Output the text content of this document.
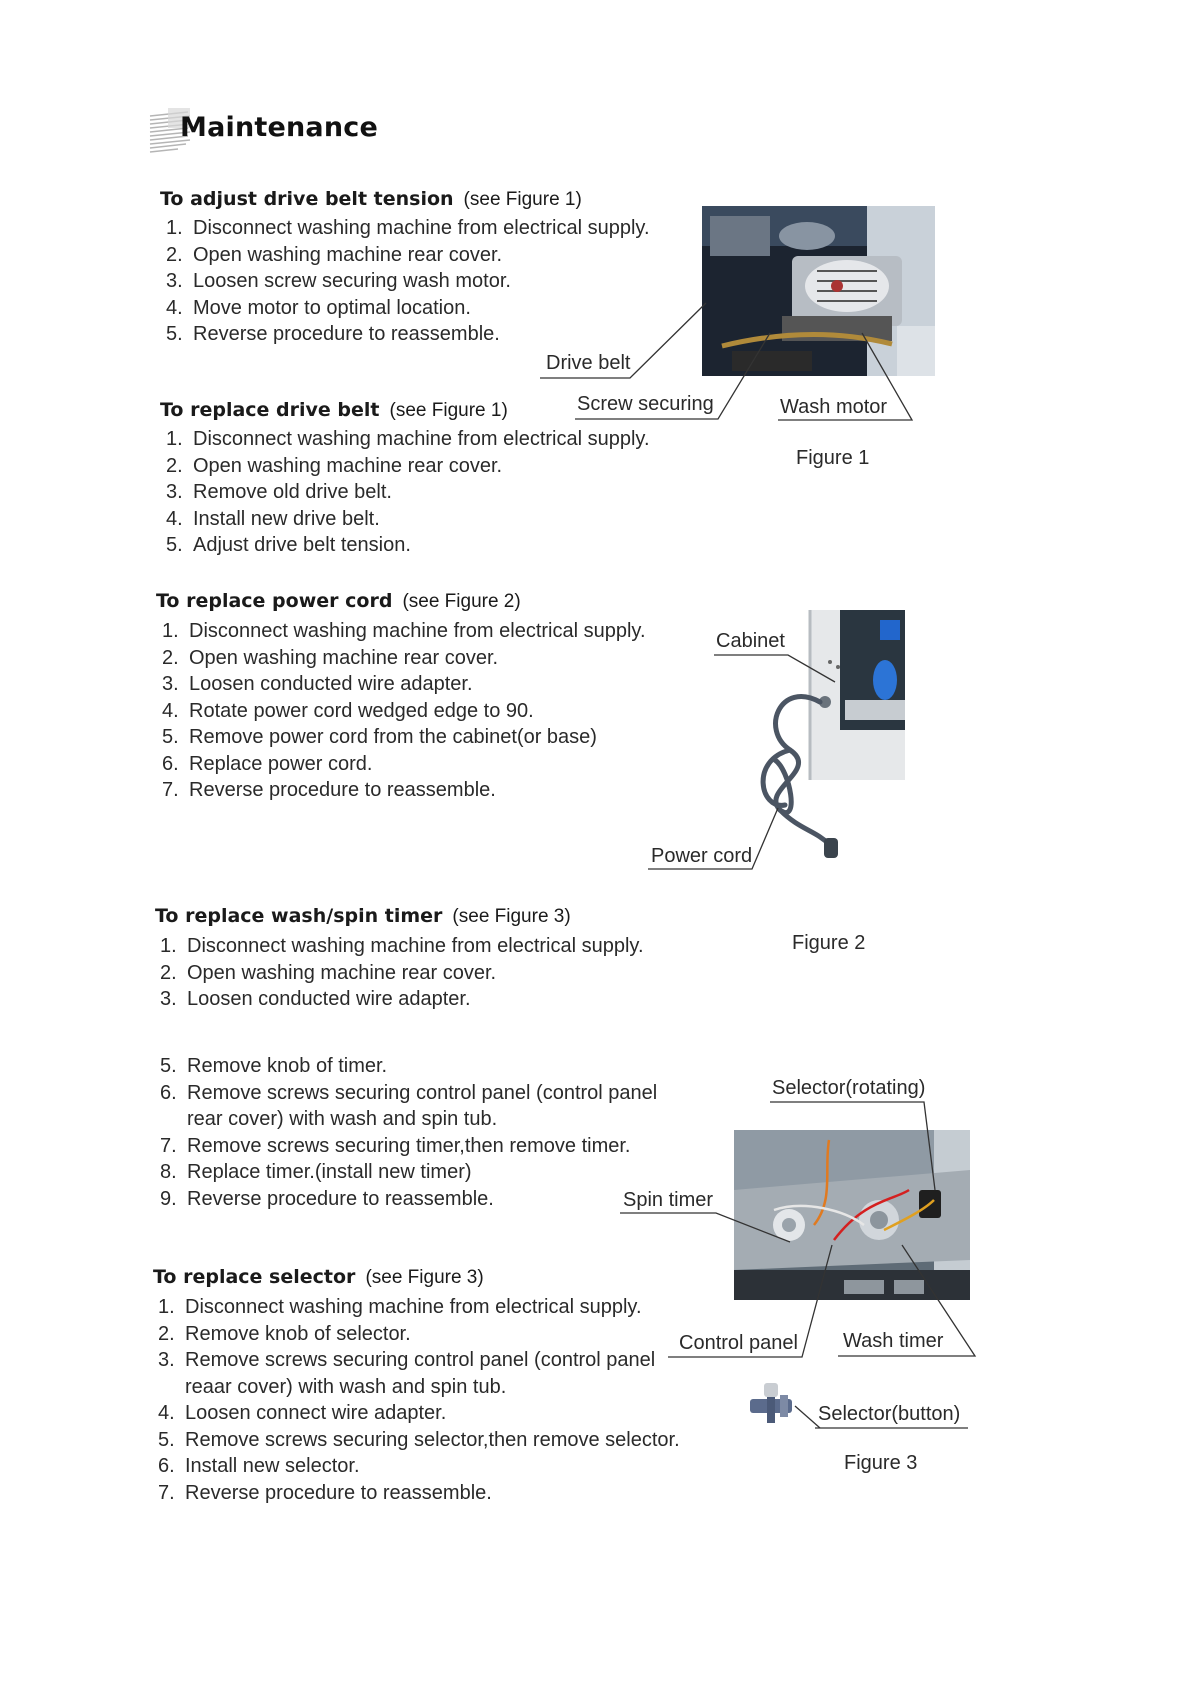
Maintenance
To adjust drive belt tension (see Figure 1)
1. Disconnect washing machine from electrical supply.
2. Open washing machine rear cover.
3. Loosen screw securing wash motor.
4. Move motor to optimal location.
5. Reverse procedure to reassemble.
To replace drive belt (see Figure 1)
1. Disconnect washing machine from electrical supply.
2. Open washing machine rear cover.
3. Remove old drive belt.
4. Install new drive belt.
5. Adjust drive belt tension.
To replace power cord (see Figure 2)
1. Disconnect washing machine from electrical supply.
2. Open washing machine rear cover.
3. Loosen conducted wire adapter.
4. Rotate power cord wedged edge to 90.
5. Remove power cord from the cabinet(or base)
6. Replace power cord.
7. Reverse procedure to reassemble.
To replace wash/spin timer (see Figure 3)
1. Disconnect washing machine from electrical supply.
2. Open washing machine rear cover.
3. Loosen conducted wire adapter.
5. Remove knob of timer.
6. Remove screws securing control panel (control panel rear cover) with wash and spin tub.
7. Remove screws securing timer,then remove timer.
8. Replace timer.(install new timer)
9. Reverse procedure to reassemble.
To replace selector (see Figure 3)
1. Disconnect washing machine from electrical supply.
2. Remove knob of selector.
3. Remove screws securing control panel (control panel reaar cover) with wash and spin tub.
4. Loosen connect wire adapter.
5. Remove screws securing selector,then remove selector.
6. Install new selector.
7. Reverse procedure to reassemble.
Drive belt
Screw securing	Wash motor
Figure 1
Cabinet
Power cord
Figure 2
Selector(rotating)
Spin timer
Control panel Wash timer
Selector(button)
Figure 3
